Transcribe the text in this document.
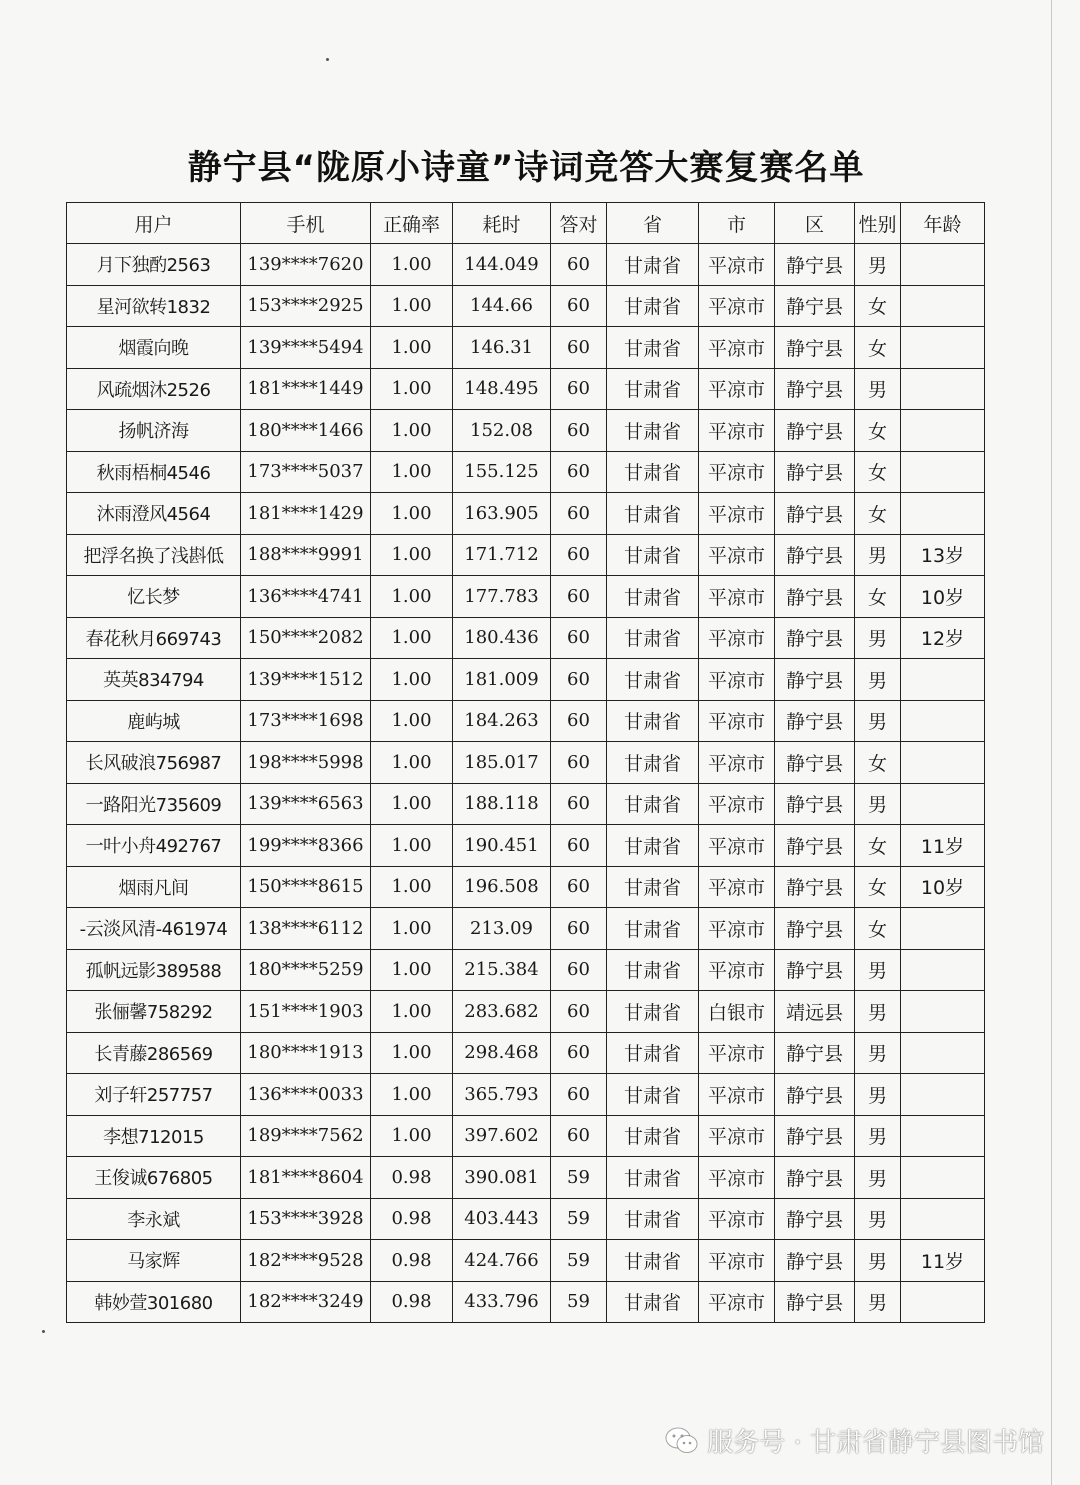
静宁县“陇原小诗童”诗词竞答大赛复赛名单
用户	手机	正确率	耗时	答对	省	市	区	性别	年龄
月下独酌2563	139****7620	1.00	144.049	60	甘肃省	平凉市	静宁县	男	
星河欲转1832	153****2925	1.00	144.66	60	甘肃省	平凉市	静宁县	女	
烟霞向晚	139****5494	1.00	146.31	60	甘肃省	平凉市	静宁县	女	
风疏烟沐2526	181****1449	1.00	148.495	60	甘肃省	平凉市	静宁县	男	
扬帆济海	180****1466	1.00	152.08	60	甘肃省	平凉市	静宁县	女	
秋雨梧桐4546	173****5037	1.00	155.125	60	甘肃省	平凉市	静宁县	女	
沐雨澄风4564	181****1429	1.00	163.905	60	甘肃省	平凉市	静宁县	女	
把浮名换了浅斟低	188****9991	1.00	171.712	60	甘肃省	平凉市	静宁县	男	13岁
忆长梦	136****4741	1.00	177.783	60	甘肃省	平凉市	静宁县	女	10岁
春花秋月669743	150****2082	1.00	180.436	60	甘肃省	平凉市	静宁县	男	12岁
英英834794	139****1512	1.00	181.009	60	甘肃省	平凉市	静宁县	男	
鹿屿城	173****1698	1.00	184.263	60	甘肃省	平凉市	静宁县	男	
长风破浪756987	198****5998	1.00	185.017	60	甘肃省	平凉市	静宁县	女	
一路阳光735609	139****6563	1.00	188.118	60	甘肃省	平凉市	静宁县	男	
一叶小舟492767	199****8366	1.00	190.451	60	甘肃省	平凉市	静宁县	女	11岁
烟雨凡间	150****8615	1.00	196.508	60	甘肃省	平凉市	静宁县	女	10岁
-云淡风清-461974	138****6112	1.00	213.09	60	甘肃省	平凉市	静宁县	女	
孤帆远影389588	180****5259	1.00	215.384	60	甘肃省	平凉市	静宁县	男	
张俪馨758292	151****1903	1.00	283.682	60	甘肃省	白银市	靖远县	男	
长青藤286569	180****1913	1.00	298.468	60	甘肃省	平凉市	静宁县	男	
刘子轩257757	136****0033	1.00	365.793	60	甘肃省	平凉市	静宁县	男	
李想712015	189****7562	1.00	397.602	60	甘肃省	平凉市	静宁县	男	
王俊诚676805	181****8604	0.98	390.081	59	甘肃省	平凉市	静宁县	男	
李永斌	153****3928	0.98	403.443	59	甘肃省	平凉市	静宁县	男	
马家辉	182****9528	0.98	424.766	59	甘肃省	平凉市	静宁县	男	11岁
韩妙萱301680	182****3249	0.98	433.796	59	甘肃省	平凉市	静宁县	男	
服务号 · 甘肃省静宁县图书馆
